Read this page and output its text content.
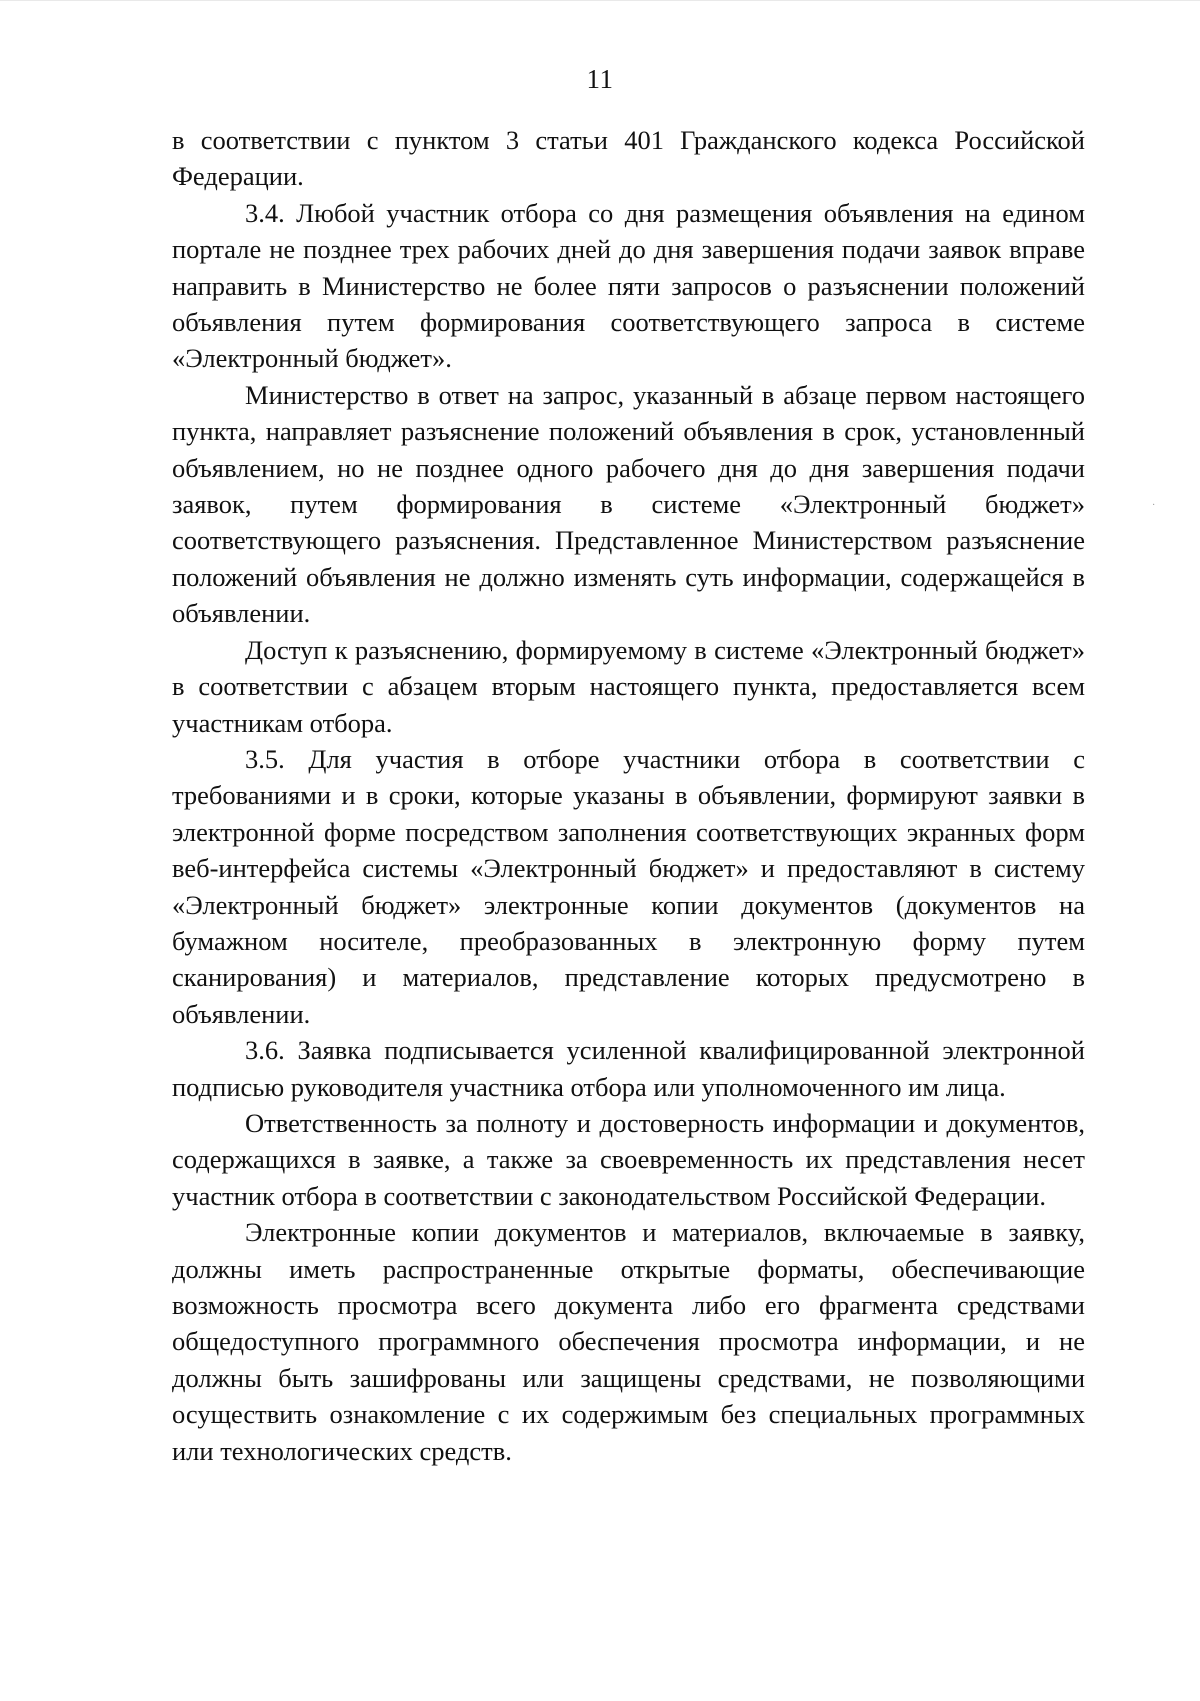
11

в соответствии с пунктом 3 статьи 401 Гражданского кодекса Российской Федерации.

3.4. Любой участник отбора со дня размещения объявления на едином портале не позднее трех рабочих дней до дня завершения подачи заявок вправе направить в Министерство не более пяти запросов о разъяснении положений объявления путем формирования соответствующего запроса в системе «Электронный бюджет».

Министерство в ответ на запрос, указанный в абзаце первом настоящего пункта, направляет разъяснение положений объявления в срок, установленный объявлением, но не позднее одного рабочего дня до дня завершения подачи заявок, путем формирования в системе «Электронный бюджет» соответствующего разъяснения. Представленное Министерством разъяснение положений объявления не должно изменять суть информации, содержащейся в объявлении.

Доступ к разъяснению, формируемому в системе «Электронный бюджет» в соответствии с абзацем вторым настоящего пункта, предоставляется всем участникам отбора.

3.5. Для участия в отборе участники отбора в соответствии с требованиями и в сроки, которые указаны в объявлении, формируют заявки в электронной форме посредством заполнения соответствующих экранных форм веб-интерфейса системы «Электронный бюджет» и предоставляют в систему «Электронный бюджет» электронные копии документов (документов на бумажном носителе, преобразованных в электронную форму путем сканирования) и материалов, представление которых предусмотрено в объявлении.

3.6. Заявка подписывается усиленной квалифицированной электронной подписью руководителя участника отбора или уполномоченного им лица.

Ответственность за полноту и достоверность информации и документов, содержащихся в заявке, а также за своевременность их представления несет участник отбора в соответствии с законодательством Российской Федерации.

Электронные копии документов и материалов, включаемые в заявку, должны иметь распространенные открытые форматы, обеспечивающие возможность просмотра всего документа либо его фрагмента средствами общедоступного программного обеспечения просмотра информации, и не должны быть зашифрованы или защищены средствами, не позволяющими осуществить ознакомление с их содержимым без специальных программных или технологических средств.

·
